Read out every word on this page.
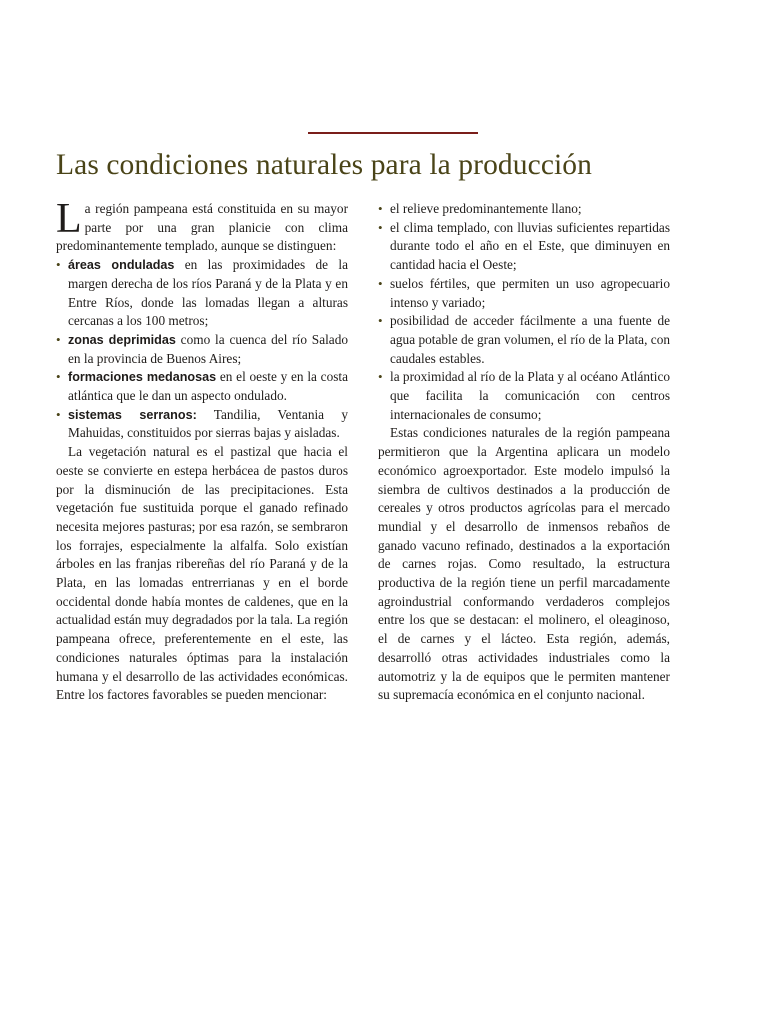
Las condiciones naturales para la producción

La región pampeana está constituida en su mayor parte por una gran planicie con clima predominantemente templado, aunque se distinguen:

• áreas onduladas en las proximidades de la margen derecha de los ríos Paraná y de la Plata y en Entre Ríos, donde las lomadas llegan a alturas cercanas a los 100 metros;
• zonas deprimidas como la cuenca del río Salado en la provincia de Buenos Aires;
• formaciones medanosas en el oeste y en la costa atlántica que le dan un aspecto ondulado.
• sistemas serranos: Tandilia, Ventania y Mahuidas, constituidos por sierras bajas y aisladas.

La vegetación natural es el pastizal que hacia el oeste se convierte en estepa herbácea de pastos duros por la disminución de las precipitaciones. Esta vegetación fue sustituida porque el ganado refinado necesita mejores pasturas; por esa razón, se sembraron los forrajes, especialmente la alfalfa. Solo existían árboles en las franjas ribereñas del río Paraná y de la Plata, en las lomadas entrerrianas y en el borde occidental donde había montes de caldenes, que en la actualidad están muy degradados por la tala. La región pampeana ofrece, preferentemente en el este, las condiciones naturales óptimas para la instalación humana y el desarrollo de las actividades económicas. Entre los factores favorables se pueden mencionar:

• el relieve predominantemente llano;
• el clima templado, con lluvias suficientes repartidas durante todo el año en el Este, que diminuyen en cantidad hacia el Oeste;
• suelos fértiles, que permiten un uso agropecuario intenso y variado;
• posibilidad de acceder fácilmente a una fuente de agua potable de gran volumen, el río de la Plata, con caudales estables.
• la proximidad al río de la Plata y al océano Atlántico que facilita la comunicación con centros internacionales de consumo;

Estas condiciones naturales de la región pampeana permitieron que la Argentina aplicara un modelo económico agroexportador. Este modelo impulsó la siembra de cultivos destinados a la producción de cereales y otros productos agrícolas para el mercado mundial y el desarrollo de inmensos rebaños de ganado vacuno refinado, destinados a la exportación de carnes rojas. Como resultado, la estructura productiva de la región tiene un perfil marcadamente agroindustrial conformando verdaderos complejos entre los que se destacan: el molinero, el oleaginoso, el de carnes y el lácteo. Esta región, además, desarrolló otras actividades industriales como la automotriz y la de equipos que le permiten mantener su supremacía económica en el conjunto nacional.
